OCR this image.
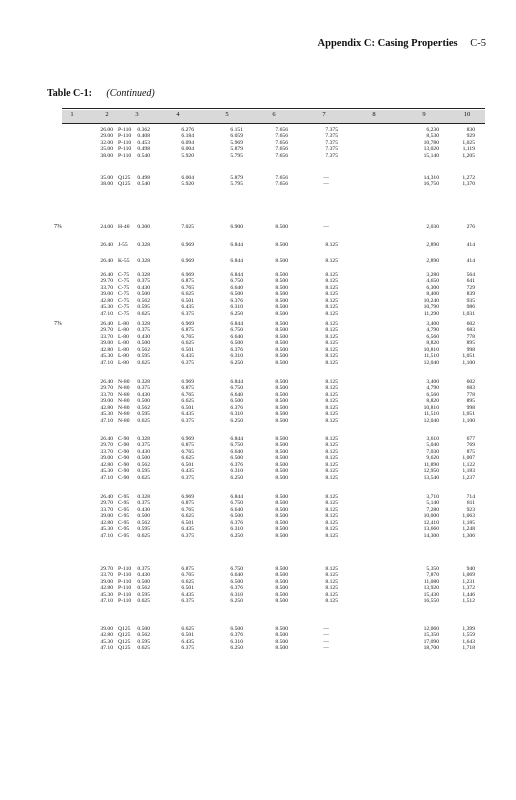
Appendix C: Casing Properties C-5
Table C-1: (Continued)
1	2	3	4	5	6	7	8	9	10
26.00 P-110 0.362	6.276	6.151	7.656	7.375	6,230	830
29.00 P-110 0.408	6.184	6.059	7.656	7.375	8,530	929
32.00 P-110 0.453	6.094	5.969	7.656	7.375	10,780	1,025
35.00 P-110 0.498	6.004	5.879	7.656	7.375	13,020	1,119
38.00 P-110 0.540	5.920	5.795	7.656	7.375	15,140	1,205
35.00 Q125 0.498	6.004	5.879	7.656	—	14,310	1,272
38.00 Q125 0.540	5.920	5.795	7.656	—	16,750	1,370
7⅝	24.00 H-40 0.300	7.025	6.900	8.500	—	2,030	276
26.40 J-55 0.328	6.969	6.844	8.500	8.125	2,890	414
26.40 K-55 0.328	6.969	6.844	8.500	8.125	2,890	414
26.40 C-75 0.328	6.969	6.844	8.500	8.125	3,280	564
29.70 C-75 0.375	6.875	6.750	8.500	8.125	4,650	641
33.70 C-75 0.430	6.765	6.640	8.500	8.125	6,300	729
39.00 C-75 0.500	6.625	6.500	8.500	8.125	8,400	839
42.80 C-75 0.562	6.501	6.376	8.500	8.125	10,240	935
45.30 C-75 0.595	6.435	6.310	8.500	8.125	10,790	986
47.10 C-75 0.625	6.375	6.250	8.500	8.125	11,290	1,031
7⅝	26.40 L-80 0.328	6.969	6.844	8.500	8.125	3,400	602
29.70 L-80 0.375	6.875	6.750	8.500	8.125	4,790	683
33.70 L-80 0.430	6.765	6.640	8.500	8.125	6,560	778
39.00 L-80 0.500	6.625	6.500	8.500	8.125	8,820	895
42.80 L-80 0.562	6.501	6.376	8.500	8.125	10,810	998
45.30 L-80 0.595	6.435	6.310	8.500	8.125	11,510	1,051
47.10 L-80 0.625	6.375	6.250	8.500	8.125	12,040	1,100
26.40 N-80 0.328	6.969	6.844	8.500	8.125	3,400	602
29.70 N-80 0.375	6.875	6.750	8.500	8.125	4,790	683
33.70 N-80 0.430	6.765	6.640	8.500	8.125	6,560	778
39.00 N-80 0.500	6.625	6.500	8.500	8.125	8,820	895
42.80 N-80 0.562	6.501	6.376	8.500	8.125	10,810	998
45.30 N-80 0.595	6.435	6.310	8.500	8.125	11,510	1,051
47.10 N-80 0.625	6.375	6.250	8.500	8.125	12,040	1,100
26.40 C-90 0.328	6.969	6.844	8.500	8.125	3,610	677
29.70 C-90 0.375	6.875	6.750	8.500	8.125	5,040	769
33.70 C-90 0.430	6.765	6.640	8.500	8.125	7,030	875
39.00 C-90 0.500	6.625	6.500	8.500	8.125	9,620	1,007
42.80 C-90 0.562	6.501	6.376	8.500	8.125	11,890	1,122
45.30 C-90 0.595	6.435	6.310	8.500	8.125	12,950	1,183
47.10 C-90 0.625	6.375	6.250	8.500	8.125	13,540	1,237
26.40 C-95 0.328	6.969	6.844	8.500	8.125	3,710	714
29.70 C-95 0.375	6.875	6.750	8.500	8.125	5,140	811
33.70 C-95 0.430	6.765	6.640	8.500	8.125	7,280	923
39.00 C-95 0.500	6.625	6.500	8.500	8.125	10,000	1,063
42.80 C-95 0.562	6.501	6.376	8.500	8.125	12,410	1,185
45.30 C-95 0.595	6.435	6.310	8.500	8.125	13,660	1,248
47.10 C-95 0.625	6.375	6.250	8.500	8.125	14,300	1,306
29.70 P-110 0.375	6.875	6.750	8.500	8.125	5,350	940
33.70 P-110 0.430	6.765	6.640	8.500	8.125	7,870	1,069
39.00 P-110 0.500	6.625	6.500	8.500	8.125	11,080	1,231
42.80 P-110 0.562	6.501	6.376	8.500	8.125	13,920	1,372
45.30 P-110 0.595	6.435	6.310	8.500	8.125	15,430	1,446
47.10 P-110 0.625	6.375	6.250	8.500	8.125	16,550	1,512
39.00 Q125 0.500	6.625	6.500	8.500	—	12,060	1,399
42.80 Q125 0.562	6.501	6.376	8.500	—	15,350	1,559
45.30 Q125 0.595	6.435	6.310	8.500	—	17,090	1,643
47.10 Q125 0.625	6.375	6.250	8.500	—	18,700	1,718
